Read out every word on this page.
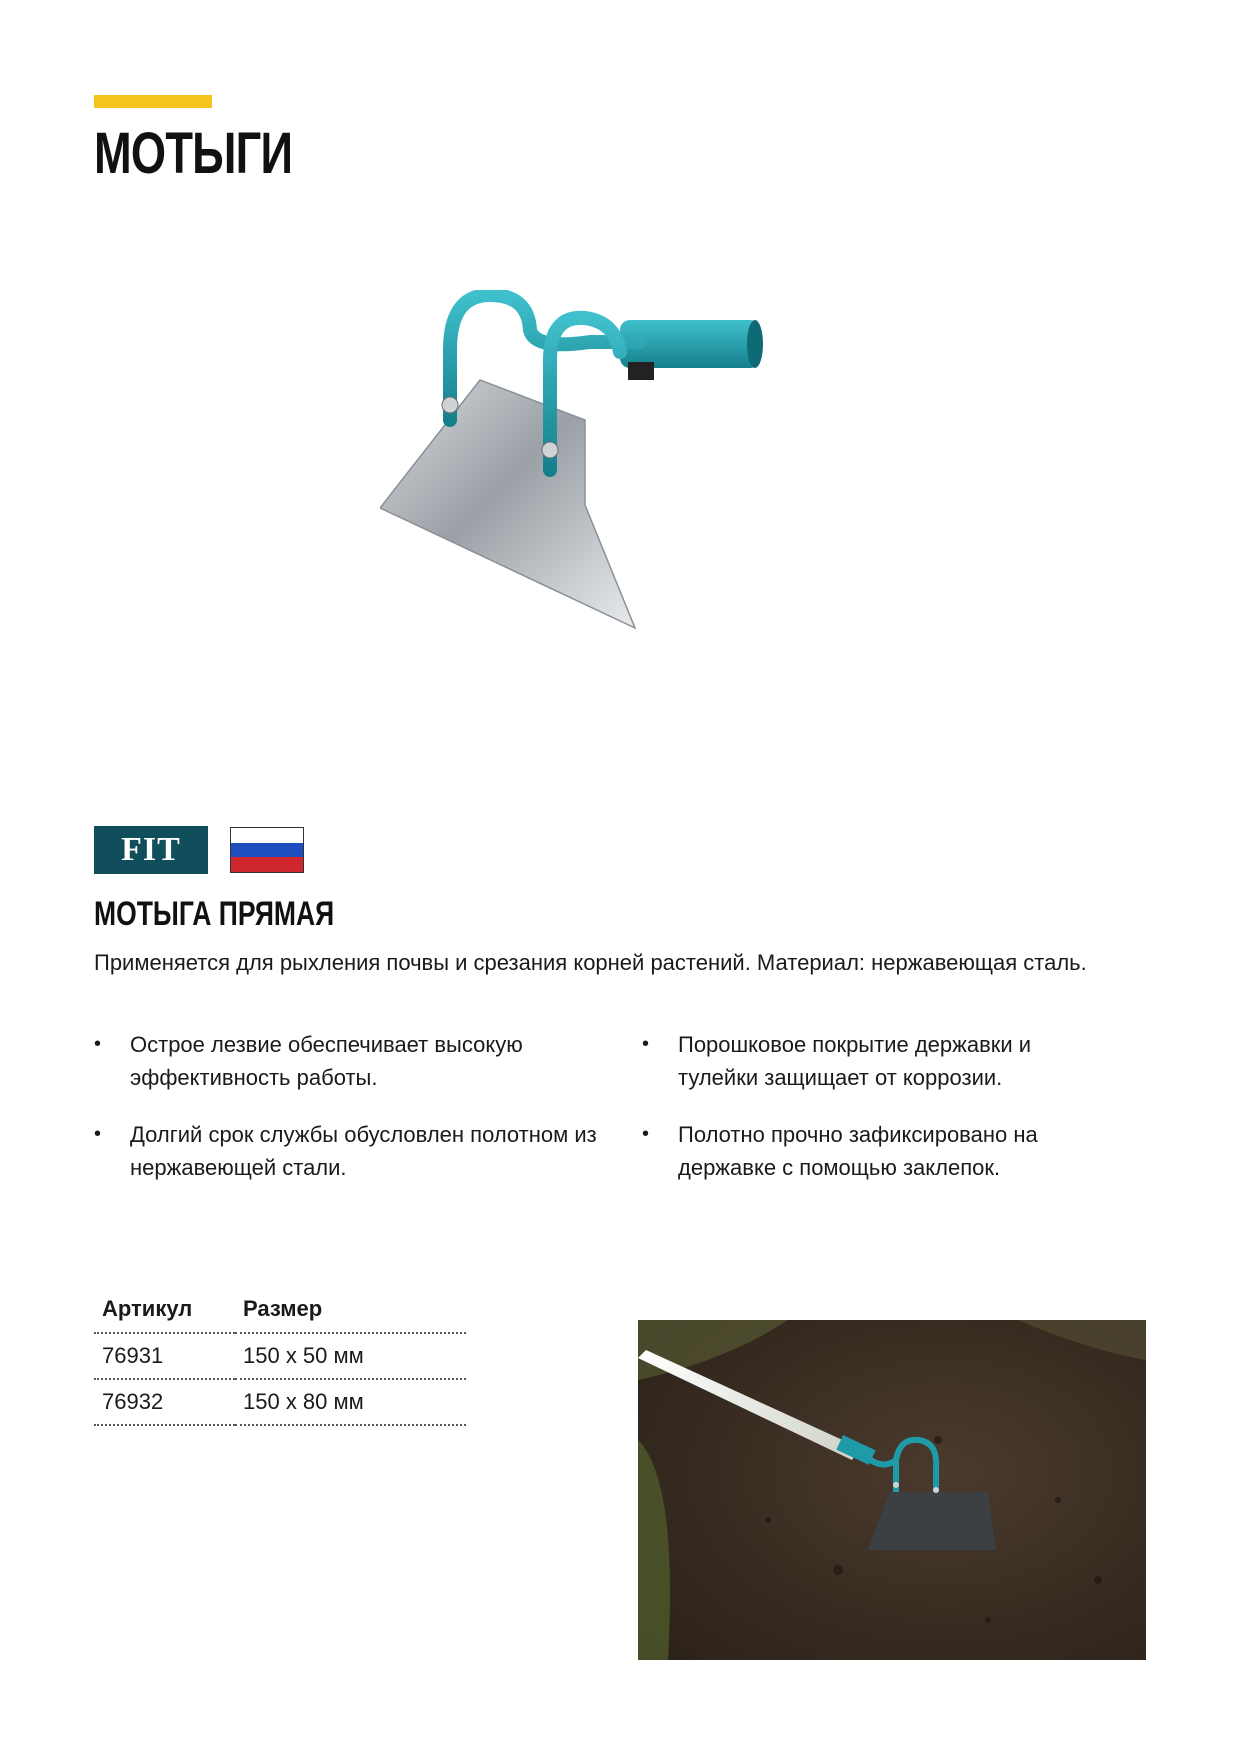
МОТЫГИ
FIT
МОТЫГА ПРЯМАЯ

Применяется для рыхления почвы и срезания корней растений. Материал: нержавеющая сталь.

• Острое лезвие обеспечивает высокую эффективность работы.
• Порошковое покрытие державки и тулейки защищает от коррозии.
• Долгий срок службы обусловлен полотном из нержавеющей стали.
• Полотно прочно зафиксировано на державке с помощью заклепок.
Артикул	Размер
76931	150 х 50 мм
76932	150 х 80 мм
